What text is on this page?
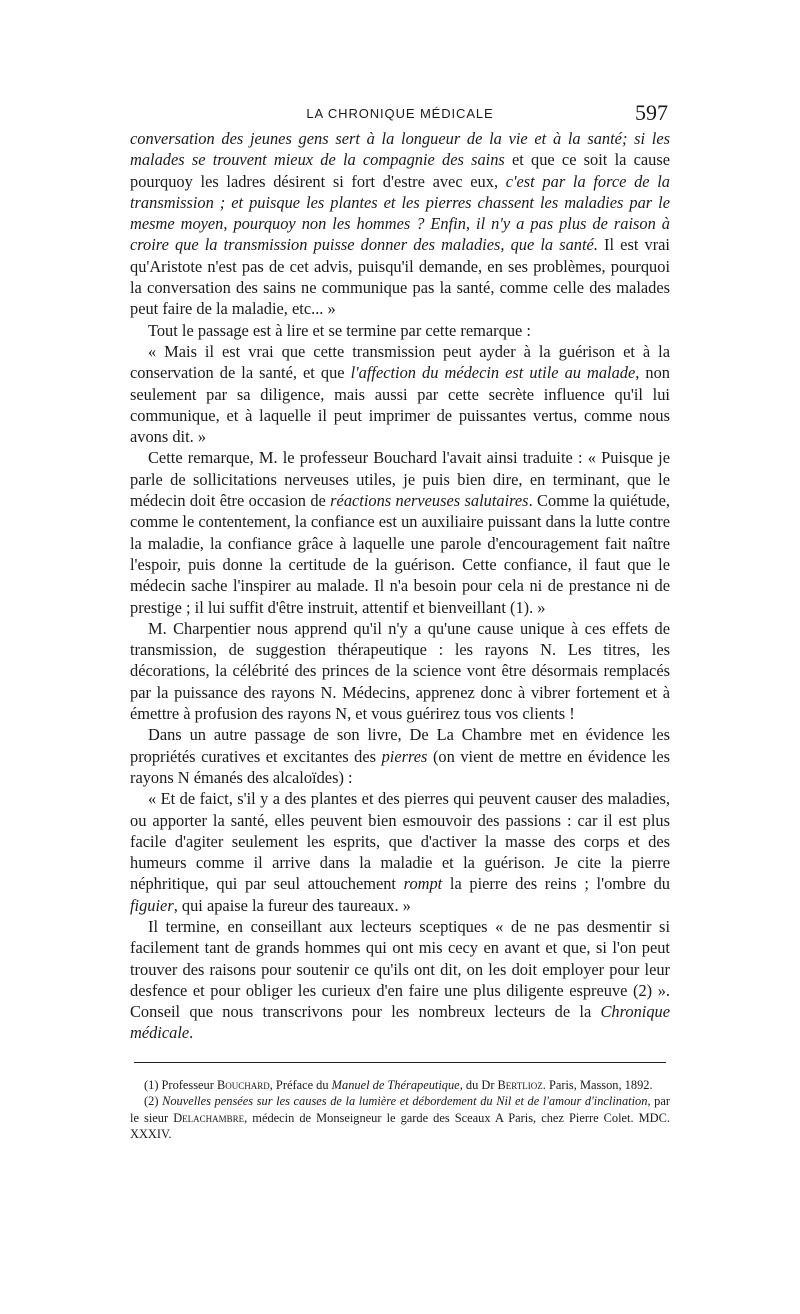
LA CHRONIQUE MÉDICALE	597

conversation des jeunes gens sert à la longueur de la vie et à la santé; si les malades se trouvent mieux de la compagnie des sains et que ce soit la cause pourquoy les ladres désirent si fort d'estre avec eux, c'est par la force de la transmission ; et puisque les plantes et les pierres chassent les maladies par le mesme moyen, pourquoy non les hommes ? Enfin, il n'y a pas plus de raison à croire que la transmission puisse donner des maladies, que la santé. Il est vrai qu'Aristote n'est pas de cet advis, puisqu'il demande, en ses problèmes, pourquoi la conversation des sains ne communique pas la santé, comme celle des malades peut faire de la maladie, etc... »

Tout le passage est à lire et se termine par cette remarque :

« Mais il est vrai que cette transmission peut ayder à la guérison et à la conservation de la santé, et que l'affection du médecin est utile au malade, non seulement par sa diligence, mais aussi par cette secrète influence qu'il lui communique, et à laquelle il peut imprimer de puissantes vertus, comme nous avons dit. »

Cette remarque, M. le professeur Bouchard l'avait ainsi traduite : « Puisque je parle de sollicitations nerveuses utiles, je puis bien dire, en terminant, que le médecin doit être occasion de réactions nerveuses salutaires. Comme la quiétude, comme le contentement, la confiance est un auxiliaire puissant dans la lutte contre la maladie, la confiance grâce à laquelle une parole d'encouragement fait naître l'espoir, puis donne la certitude de la guérison. Cette confiance, il faut que le médecin sache l'inspirer au malade. Il n'a besoin pour cela ni de prestance ni de prestige ; il lui suffit d'être instruit, attentif et bienveillant (1). »

M. Charpentier nous apprend qu'il n'y a qu'une cause unique à ces effets de transmission, de suggestion thérapeutique : les rayons N. Les titres, les décorations, la célébrité des princes de la science vont être désormais remplacés par la puissance des rayons N. Médecins, apprenez donc à vibrer fortement et à émettre à profusion des rayons N, et vous guérirez tous vos clients !

Dans un autre passage de son livre, De La Chambre met en évidence les propriétés curatives et excitantes des pierres (on vient de mettre en évidence les rayons N émanés des alcaloïdes) :

« Et de faict, s'il y a des plantes et des pierres qui peuvent causer des maladies, ou apporter la santé, elles peuvent bien esmouvoir des passions : car il est plus facile d'agiter seulement les esprits, que d'activer la masse des corps et des humeurs comme il arrive dans la maladie et la guérison. Je cite la pierre néphritique, qui par seul attouchement rompt la pierre des reins ; l'ombre du figuier, qui apaise la fureur des taureaux. »

Il termine, en conseillant aux lecteurs sceptiques « de ne pas desmentir si facilement tant de grands hommes qui ont mis cecy en avant et que, si l'on peut trouver des raisons pour soutenir ce qu'ils ont dit, on les doit employer pour leur desfence et pour obliger les curieux d'en faire une plus diligente espreuve (2) ». Conseil que nous transcrivons pour les nombreux lecteurs de la Chronique médicale.

(1) Professeur Bouchard, Préface du Manuel de Thérapeutique, du Dr Bertlioz. Paris, Masson, 1892.

(2) Nouvelles pensées sur les causes de la lumière et débordement du Nil et de l'amour d'inclination, par le sieur Delachambre, médecin de Monseigneur le garde des Sceaux A Paris, chez Pierre Colet. MDC. XXXIV.
